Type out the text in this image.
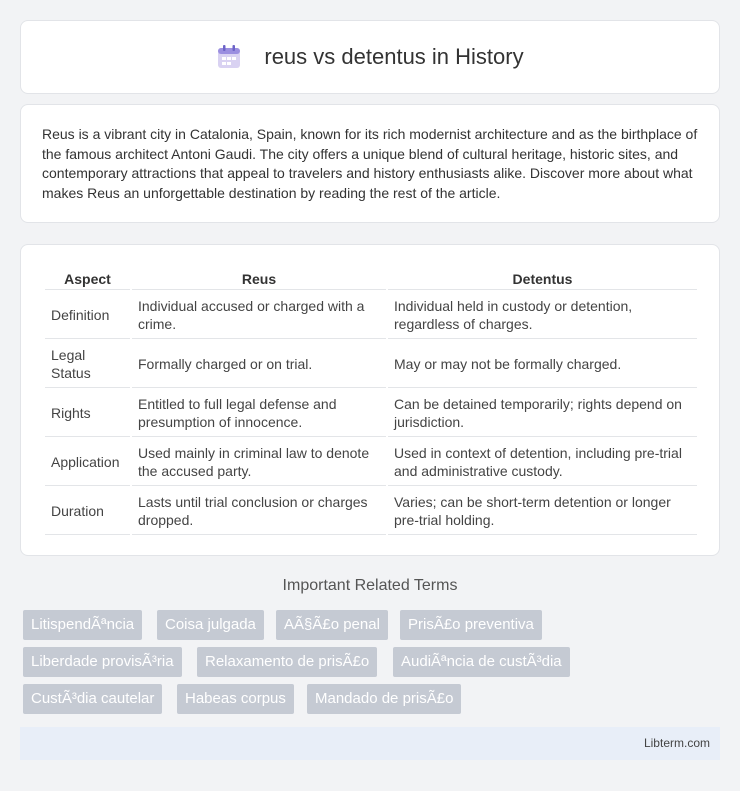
reus vs detentus in History

Reus is a vibrant city in Catalonia, Spain, known for its rich modernist architecture and as the birthplace of the famous architect Antoni Gaudi. The city offers a unique blend of cultural heritage, historic sites, and contemporary attractions that appeal to travelers and history enthusiasts alike. Discover more about what makes Reus an unforgettable destination by reading the rest of the article.

Aspect	Reus	Detentus
Definition	Individual accused or charged with a crime.	Individual held in custody or detention, regardless of charges.
Legal Status	Formally charged or on trial.	May or may not be formally charged.
Rights	Entitled to full legal defense and presumption of innocence.	Can be detained temporarily; rights depend on jurisdiction.
Application	Used mainly in criminal law to denote the accused party.	Used in context of detention, including pre-trial and administrative custody.
Duration	Lasts until trial conclusion or charges dropped.	Varies; can be short-term detention or longer pre-trial holding.
Important Related Terms
LitispendÃªncia	Coisa julgada	AÃ§Ã£o penal	PrisÃ£o preventiva
Liberdade provisÃ³ria	Relaxamento de prisÃ£o	AudiÃªncia de custÃ³dia
CustÃ³dia cautelar	Habeas corpus	Mandado de prisÃ£o
Libterm.com
